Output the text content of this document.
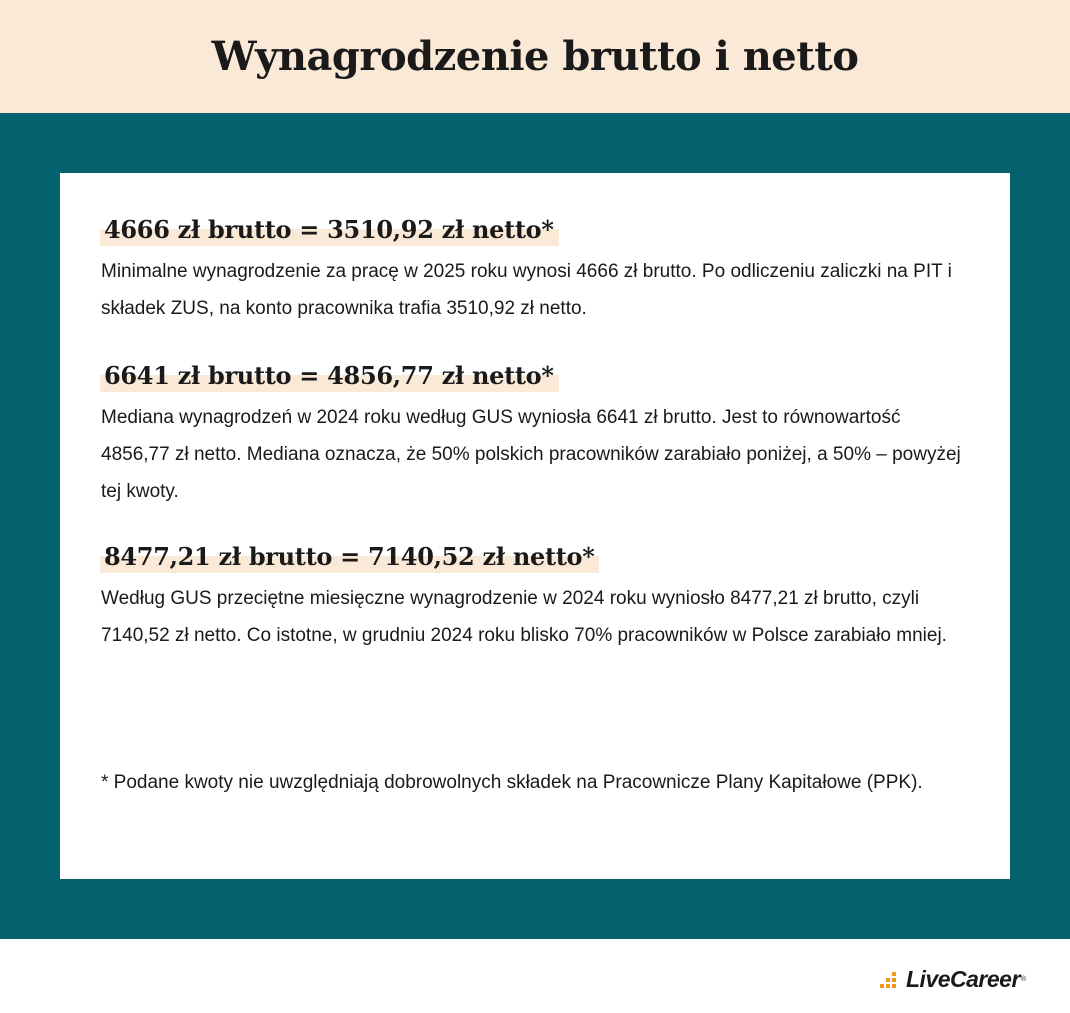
Wynagrodzenie brutto i netto
4666 zł brutto = 3510,92 zł netto*

Minimalne wynagrodzenie za pracę w 2025 roku wynosi 4666 zł brutto. Po odliczeniu zaliczki na PIT i składek ZUS, na konto pracownika trafia 3510,92 zł netto.

6641 zł brutto = 4856,77 zł netto*

Mediana wynagrodzeń w 2024 roku według GUS wyniosła 6641 zł brutto. Jest to równowartość 4856,77 zł netto. Mediana oznacza, że 50% polskich pracowników zarabiało poniżej, a 50% – powyżej tej kwoty.

8477,21 zł brutto = 7140,52 zł netto*

Według GUS przeciętne miesięczne wynagrodzenie w 2024 roku wyniosło 8477,21 zł brutto, czyli 7140,52 zł netto. Co istotne, w grudniu 2024 roku blisko 70% pracowników w Polsce zarabiało mniej.

* Podane kwoty nie uwzględniają dobrowolnych składek na Pracownicze Plany Kapitałowe (PPK).

LiveCareer ®
